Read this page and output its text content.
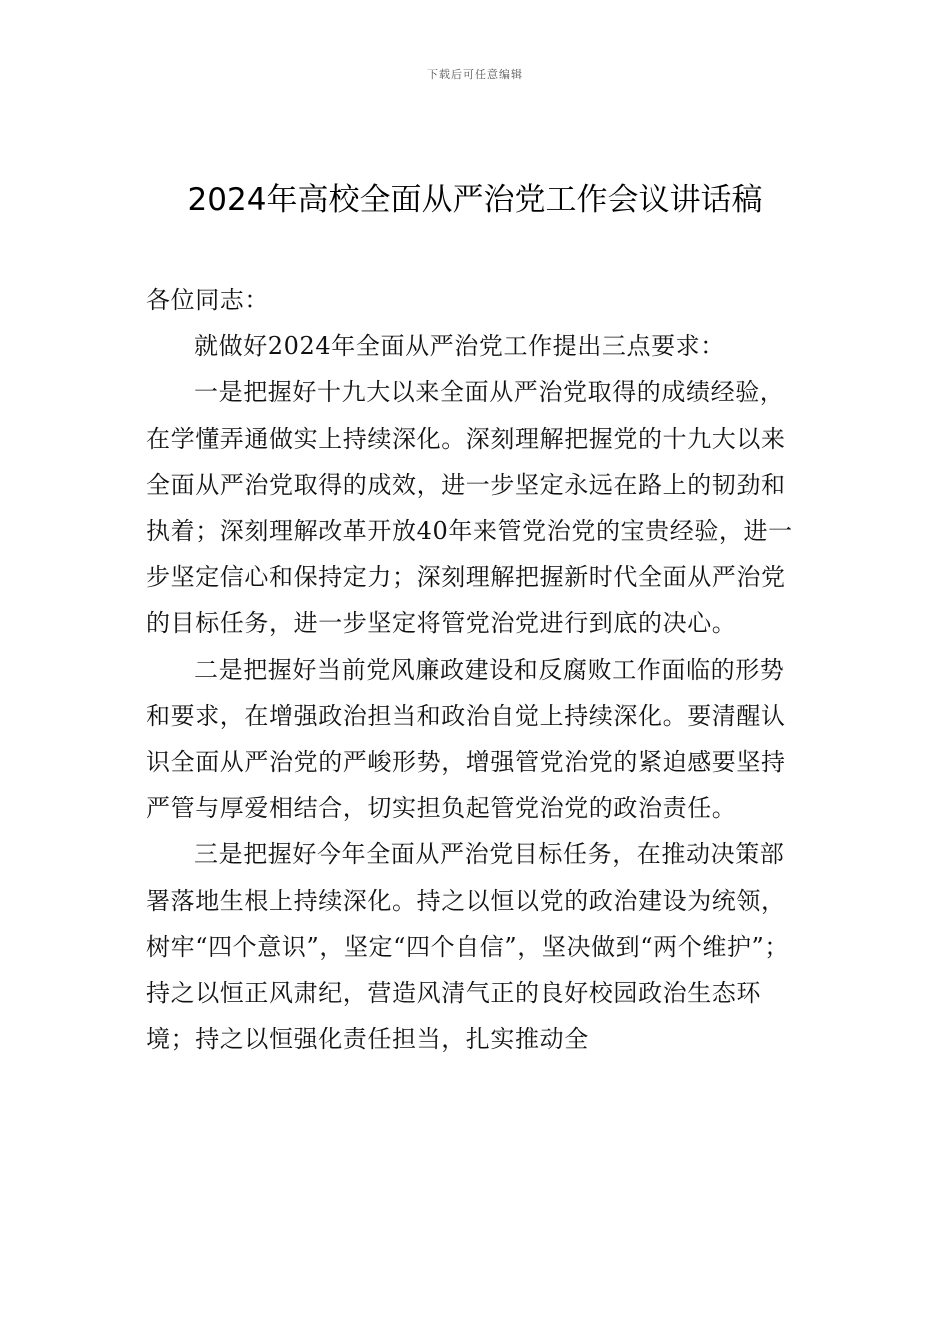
下载后可任意编辑
2024年高校全面从严治党工作会议讲话稿

各位同志：

就做好2024年全面从严治党工作提出三点要求：

一是把握好十九大以来全面从严治党取得的成绩经验，在学懂弄通做实上持续深化。深刻理解把握党的十九大以来全面从严治党取得的成效，进一步坚定永远在路上的韧劲和执着；深刻理解改革开放40年来管党治党的宝贵经验，进一步坚定信心和保持定力；深刻理解把握新时代全面从严治党的目标任务，进一步坚定将管党治党进行到底的决心。

二是把握好当前党风廉政建设和反腐败工作面临的形势和要求，在增强政治担当和政治自觉上持续深化。要清醒认识全面从严治党的严峻形势，增强管党治党的紧迫感要坚持严管与厚爱相结合，切实担负起管党治党的政治责任。

三是把握好今年全面从严治党目标任务，在推动决策部署落地生根上持续深化。持之以恒以党的政治建设为统领，树牢“四个意识”，坚定“四个自信”，坚决做到“两个维护”；持之以恒正风肃纪，营造风清气正的良好校园政治生态环境；持之以恒强化责任担当，扎实推动全
